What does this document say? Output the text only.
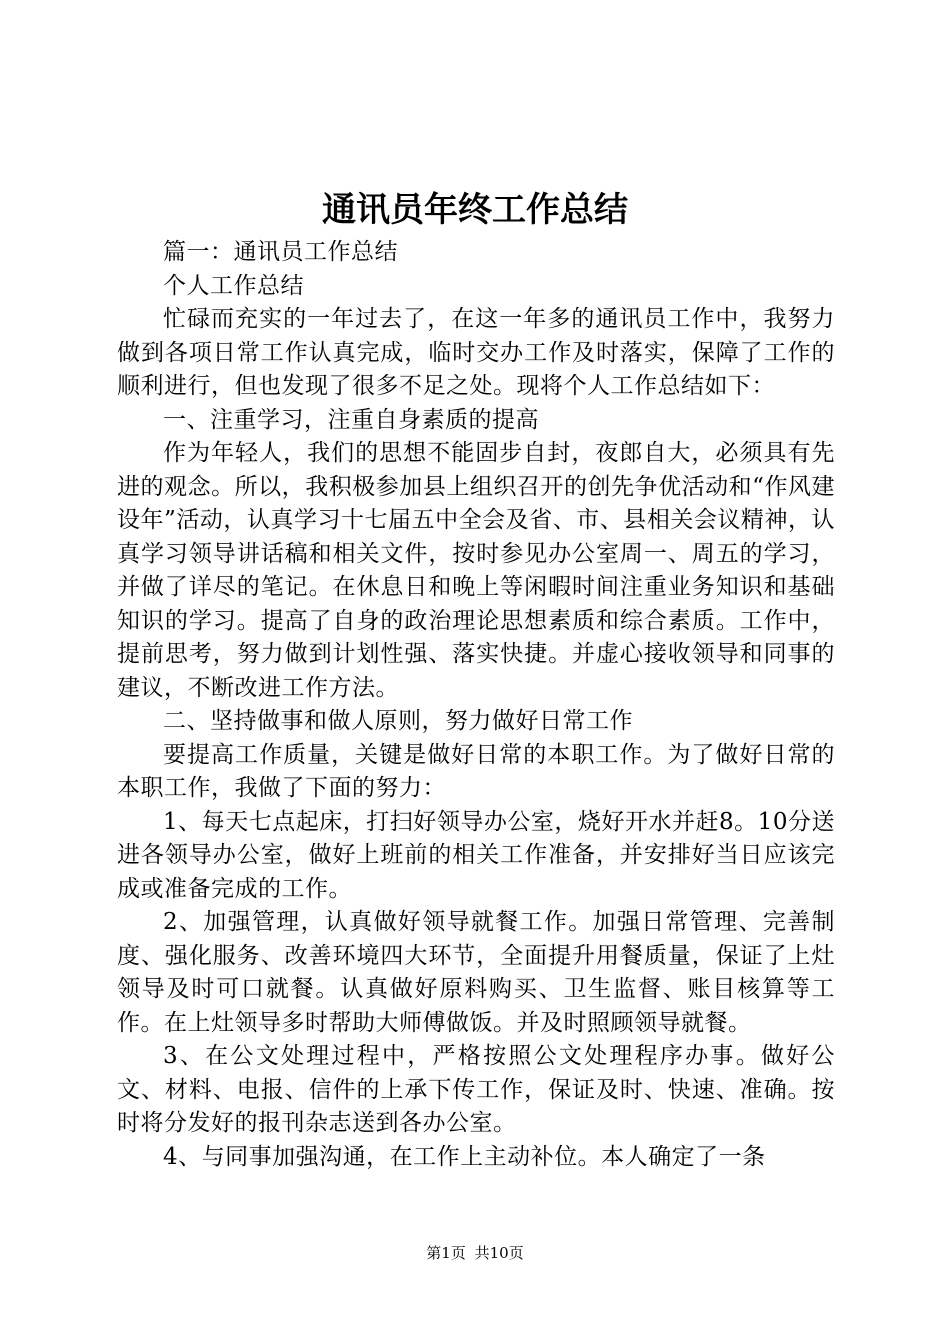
通讯员年终工作总结

篇一：通讯员工作总结

个人工作总结

忙碌而充实的一年过去了，在这一年多的通讯员工作中，我努力做到各项日常工作认真完成，临时交办工作及时落实，保障了工作的顺利进行，但也发现了很多不足之处。现将个人工作总结如下：

一、注重学习，注重自身素质的提高

作为年轻人，我们的思想不能固步自封，夜郎自大，必须具有先进的观念。所以，我积极参加县上组织召开的创先争优活动和“作风建设年”活动，认真学习十七届五中全会及省、市、县相关会议精神，认真学习领导讲话稿和相关文件，按时参见办公室周一、周五的学习，并做了详尽的笔记。在休息日和晚上等闲暇时间注重业务知识和基础知识的学习。提高了自身的政治理论思想素质和综合素质。工作中，提前思考，努力做到计划性强、落实快捷。并虚心接收领导和同事的建议，不断改进工作方法。

二、坚持做事和做人原则，努力做好日常工作

要提高工作质量，关键是做好日常的本职工作。为了做好日常的本职工作，我做了下面的努力：

1、每天七点起床，打扫好领导办公室，烧好开水并赶8。10分送进各领导办公室，做好上班前的相关工作准备，并安排好当日应该完成或准备完成的工作。

2、加强管理，认真做好领导就餐工作。加强日常管理、完善制度、强化服务、改善环境四大环节，全面提升用餐质量，保证了上灶领导及时可口就餐。认真做好原料购买、卫生监督、账目核算等工作。在上灶领导多时帮助大师傅做饭。并及时照顾领导就餐。

3、在公文处理过程中，严格按照公文处理程序办事。做好公文、材料、电报、信件的上承下传工作，保证及时、快速、准确。按时将分发好的报刊杂志送到各办公室。

4、与同事加强沟通，在工作上主动补位。本人确定了一条

第1页 共10页
